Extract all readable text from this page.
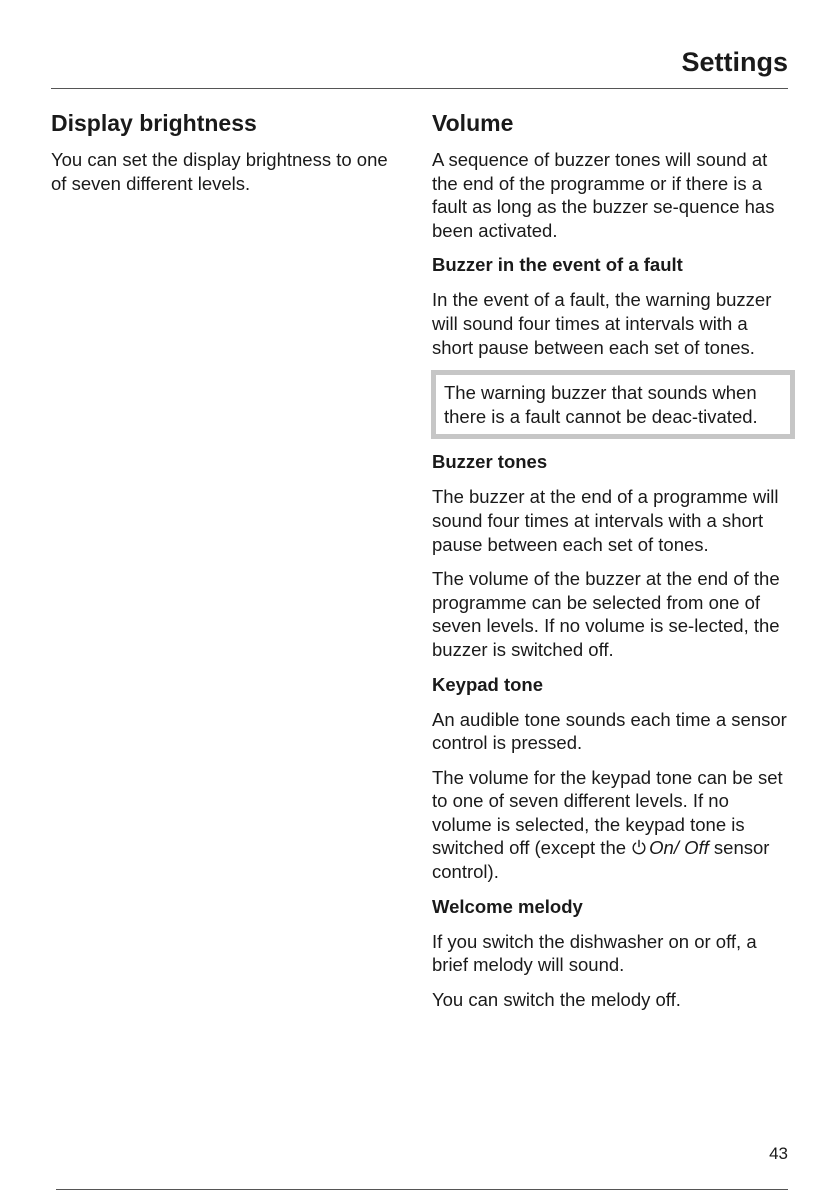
Settings
Display brightness

You can set the display brightness to one of seven different levels.

Volume

A sequence of buzzer tones will sound at the end of the programme or if there is a fault as long as the buzzer se-quence has been activated.

Buzzer in the event of a fault

In the event of a fault, the warning buzzer will sound four times at intervals with a short pause between each set of tones.

The warning buzzer that sounds when there is a fault cannot be deac-tivated.

Buzzer tones

The buzzer at the end of a programme will sound four times at intervals with a short pause between each set of tones.

The volume of the buzzer at the end of the programme can be selected from one of seven levels. If no volume is se-lected, the buzzer is switched off.

Keypad tone

An audible tone sounds each time a sensor control is pressed.

The volume for the keypad tone can be set to one of seven different levels. If no volume is selected, the keypad tone is switched off (except the On/ Off sensor control).

Welcome melody

If you switch the dishwasher on or off, a brief melody will sound.

You can switch the melody off.

43
